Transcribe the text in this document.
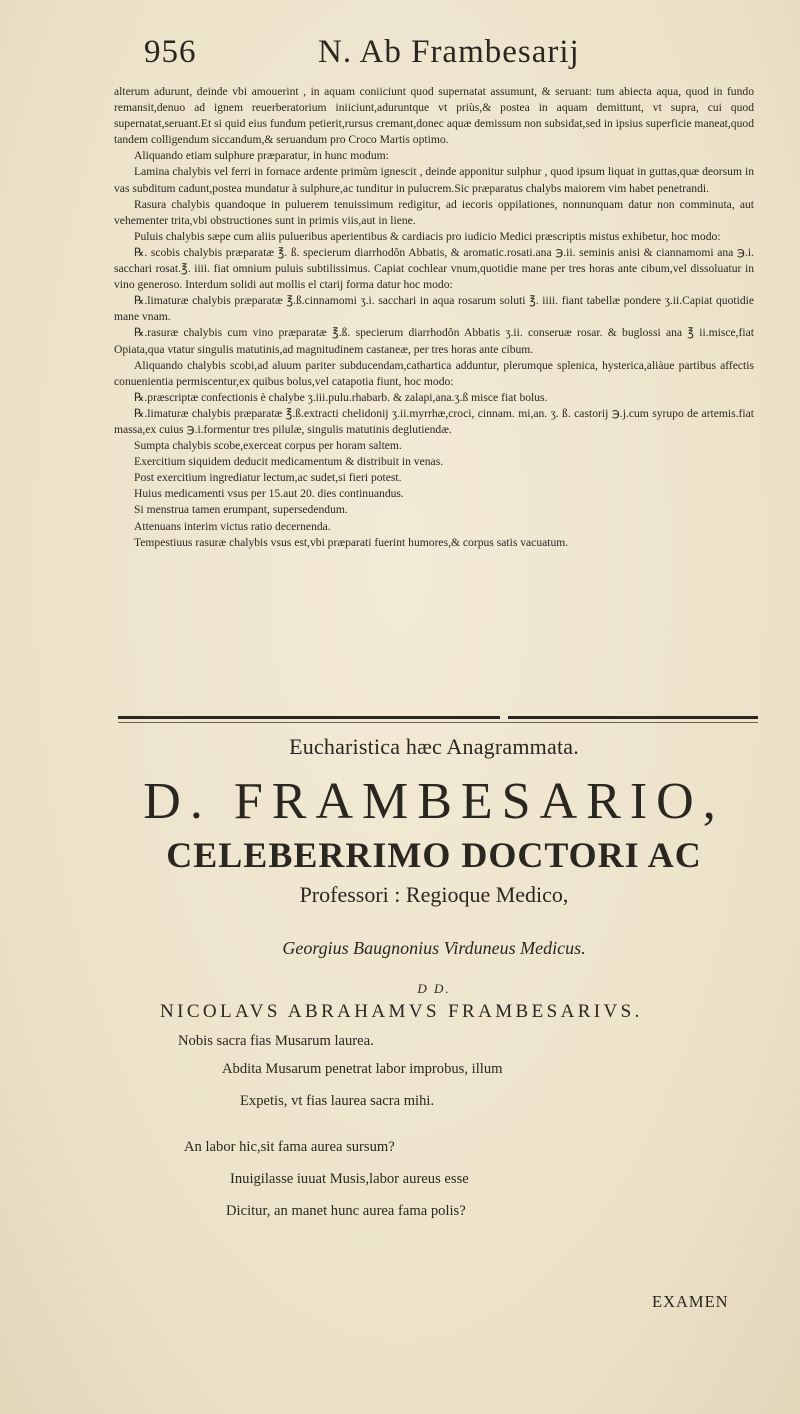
956	N. Ab Frambesarij

alterum adurunt, deinde vbi amouerint , in aquam coniiciunt quod supernatat assumunt, & seruant: tum abiecta aqua, quod in fundo remansit,denuo ad ignem reuerberatorium iniiciunt,aduruntque vt priùs,& postea in aquam demittunt, vt supra, cui quod supernatat,seruant.Et si quid eius fundum petierit,rursus cremant,donec aquæ demissum non subsidat,sed in ipsius superficie maneat,quod tandem colligendum siccandum,& seruandum pro Croco Martis optimo.

Aliquando etiam sulphure præparatur, in hunc modum:

Lamina chalybis vel ferri in fornace ardente primùm ignescit , deinde apponitur sulphur , quod ipsum liquat in guttas,quæ deorsum in vas subditum cadunt,postea mundatur à sulphure,ac tunditur in pulucrem.Sic præparatus chalybs maiorem vim habet penetrandi.

Rasura chalybis quandoque in puluerem tenuissimum redigitur, ad iecoris oppilationes, nonnunquam datur non comminuta, aut vehementer trita,vbi obstructiones sunt in primis viis,aut in liene.

Puluis chalybis sæpe cum aliis pulueribus aperientibus & cardiacis pro iudicio Medici præscriptis mistus exhibetur, hoc modo:

℞. scobis chalybis præparatæ ℥. ß. specierum diarrhodôn Abbatis, & aromatic.rosati.ana ℈.ii. seminis anisi & ciannamomi ana ℈.i. sacchari rosat.℥. iiii. fiat omnium puluis subtilissimus. Capiat cochlear vnum,quotidie mane per tres horas ante cibum,vel dissoluatur in vino generoso. Interdum solidi aut mollis el ctarij forma datur hoc modo:

℞.limaturæ chalybis præparatæ ℥.ß.cinnamomi ʒ.i. sacchari in aqua rosarum soluti ℥. iiii. fiant tabellæ pondere ʒ.ii.Capiat quotidie mane vnam.

℞.rasuræ chalybis cum vino præparatæ ℥.ß. specierum diarrhodôn Abbatis ʒ.ii. conseruæ rosar. & buglossi ana ℥ ii.misce,fiat Opiata,qua vtatur singulis matutinis,ad magnitudinem castaneæ, per tres horas ante cibum.

Aliquando chalybis scobi,ad aluum pariter subducendam,cathartica adduntur, plerumque splenica, hysterica,aliàue partibus affectis conuenientia permiscentur,ex quibus bolus,vel catapotia fiunt, hoc modo:

℞.præscriptæ confectionis è chalybe ʒ.iii.pulu.rhabarb. & zalapi,ana.ʒ.ß misce fiat bolus.

℞.limaturæ chalybis præparatæ ℥.ß.extracti chelidonij ʒ.ii.myrrhæ,croci, cinnam. mi,an. ʒ. ß. castorij ℈.j.cum syrupo de artemis.fiat massa,ex cuius ℈.i.formentur tres pilulæ, singulis matutinis deglutiendæ.

Sumpta chalybis scobe,exerceat corpus per horam saltem.

Exercitium siquidem deducit medicamentum & distribuit in venas.

Post exercitium ingrediatur lectum,ac sudet,si fieri potest.

Huius medicamenti vsus per 15.aut 20. dies continuandus.

Si menstrua tamen erumpant, supersedendum.

Attenuans interim victus ratio decernenda.

Tempestiuus rasuræ chalybis vsus est,vbi præparati fuerint humores,& corpus satis vacuatum.

Eucharistica hæc Anagrammata.

D. FRAMBESARIO,

CELEBERRIMO DOCTORI AC

Professori : Regioque Medico,

Georgius Baugnonius Virduneus Medicus.

D D.

NICOLAVS ABRAHAMVS FRAMBESARIVS.

Nobis sacra fias Musarum laurea.

Abdita Musarum penetrat labor improbus, illum

Expetis, vt fias laurea sacra mihi.

An labor hic,sit fama aurea sursum?

Inuigilasse iuuat Musis,labor aureus esse

Dicitur, an manet hunc aurea fama polis?

EXAMEN
